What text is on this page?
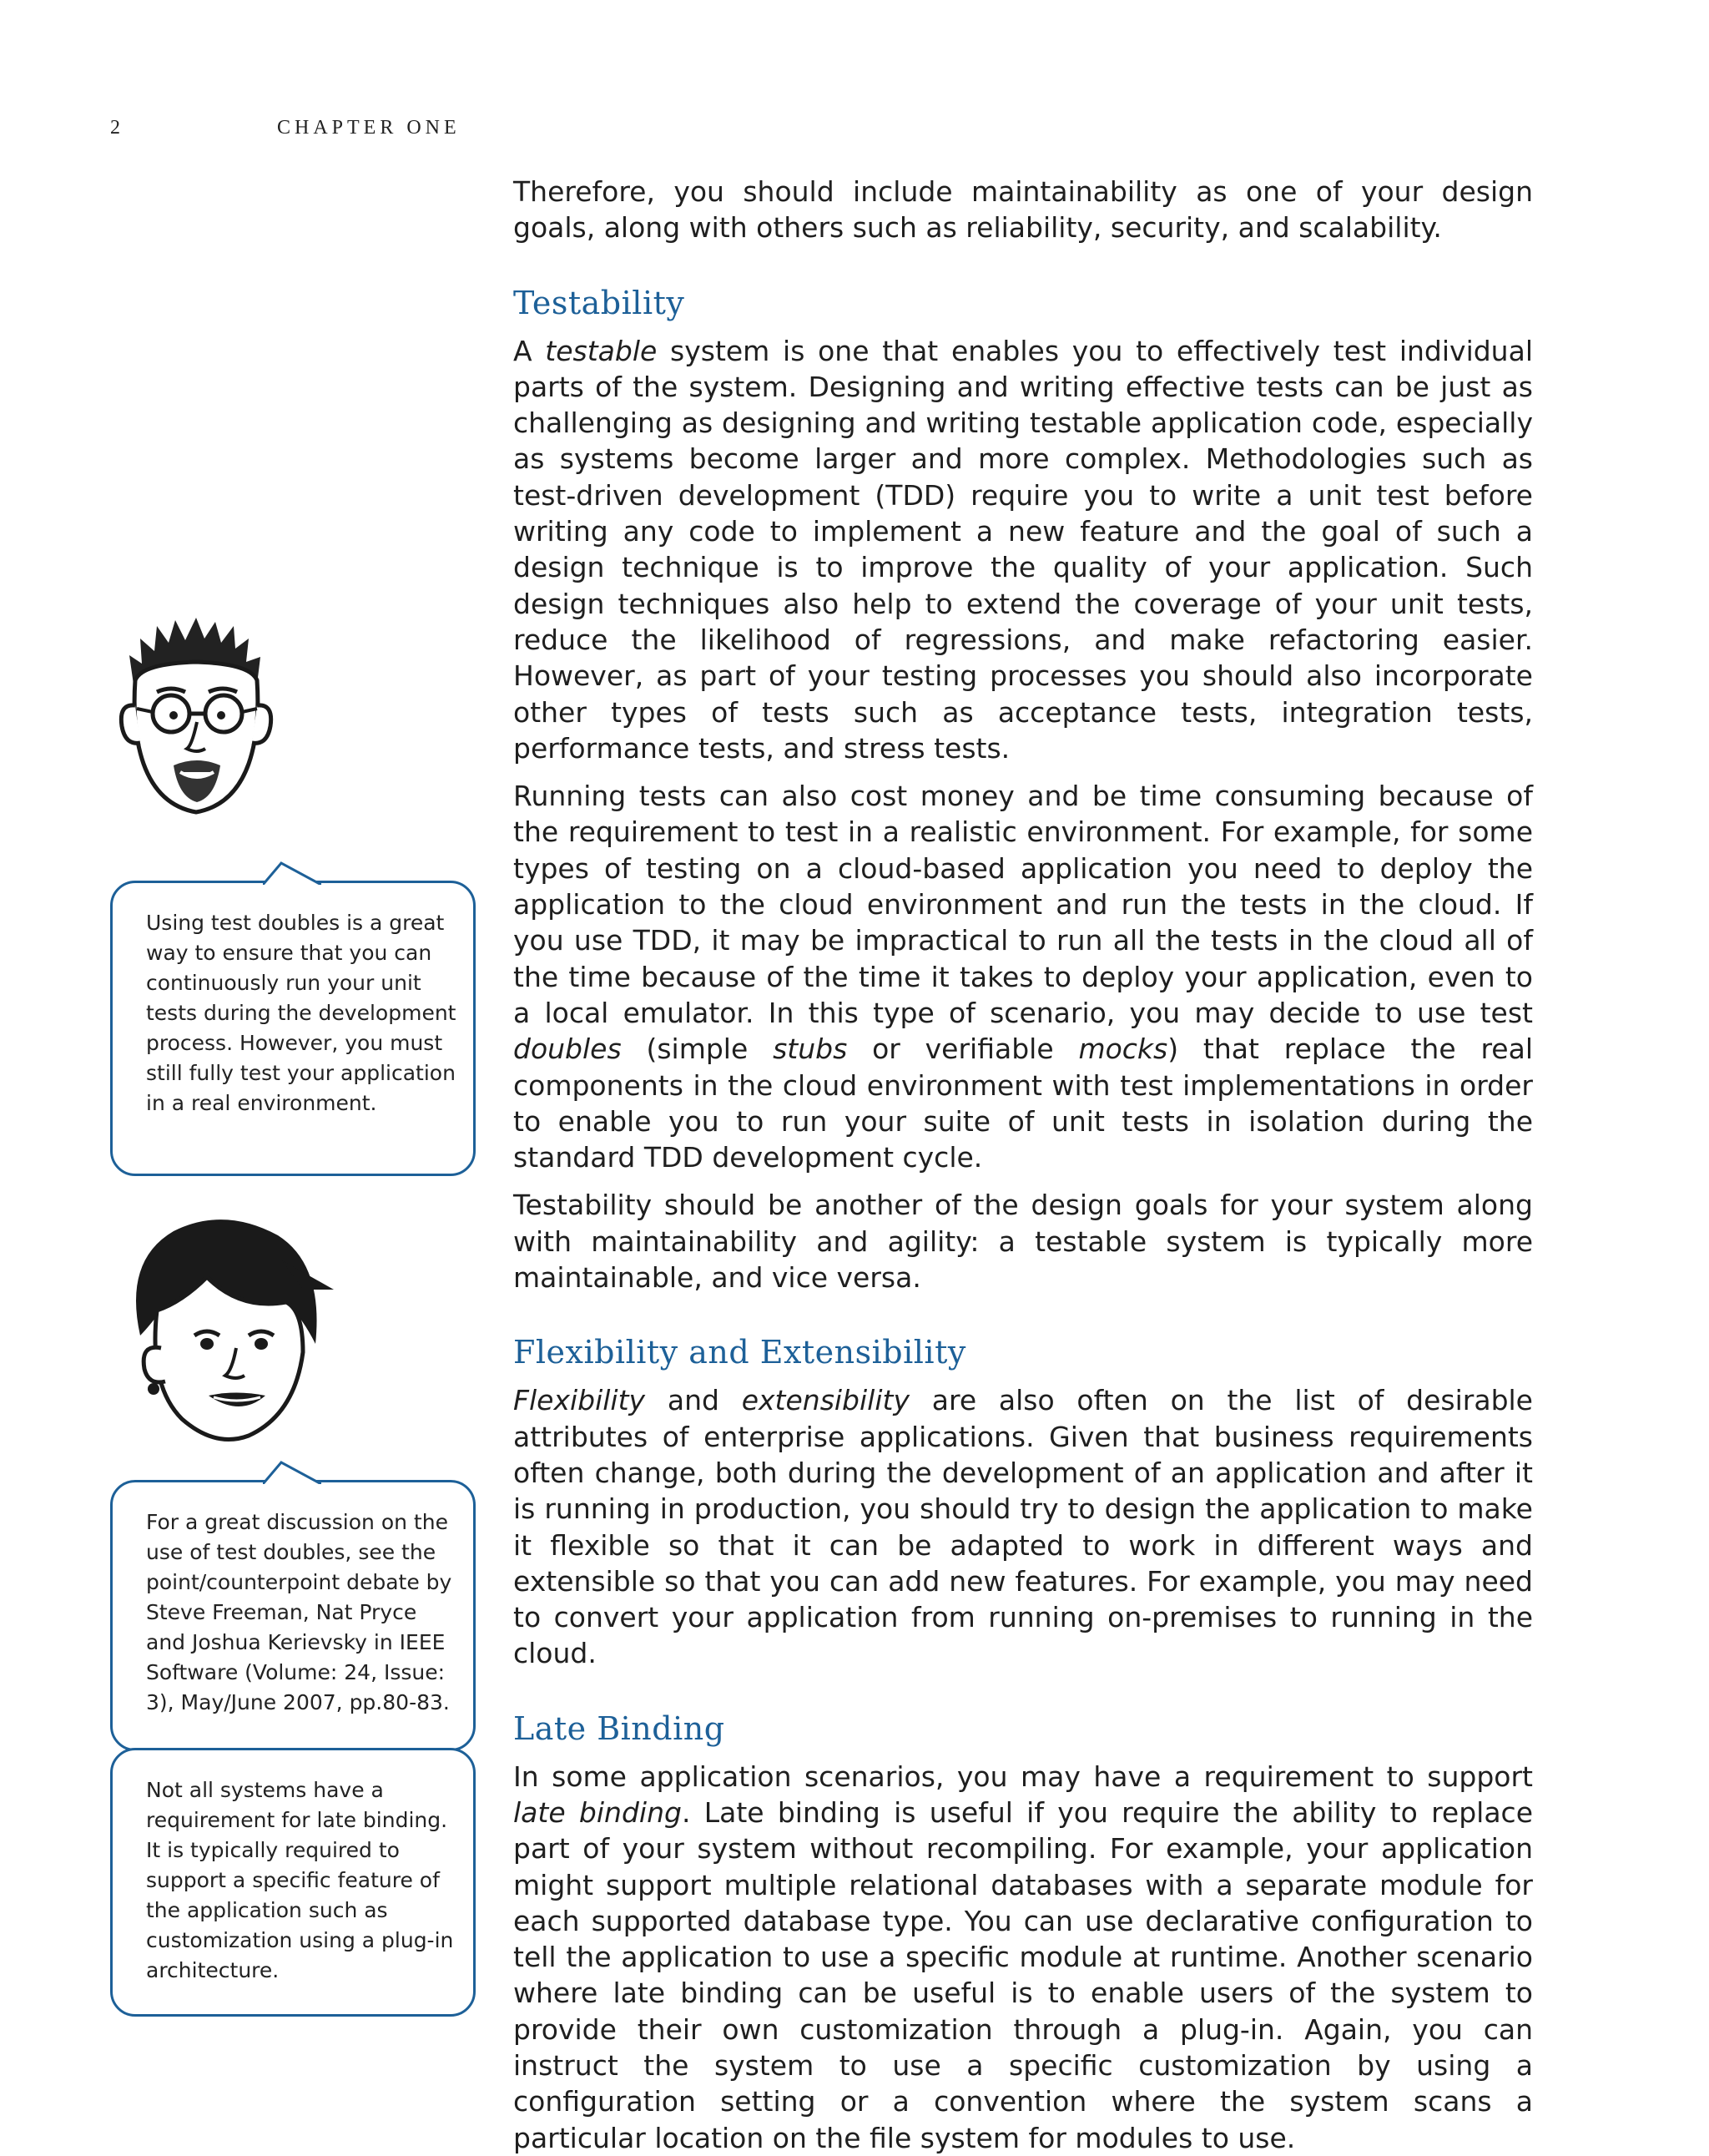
2	CHAPTER ONE

Therefore, you should include maintainability as one of your design goals, along with others such as reliability, security, and scalability.

Testability

A testable system is one that enables you to effectively test individual parts of the system. Designing and writing effective tests can be just as challenging as designing and writing testable application code, especially as systems become larger and more complex. Methodologies such as test-driven development (TDD) require you to write a unit test before writing any code to implement a new feature and the goal of such a design technique is to improve the quality of your application. Such design techniques also help to extend the coverage of your unit tests, reduce the likelihood of regressions, and make refactoring easier. However, as part of your testing processes you should also incorporate other types of tests such as acceptance tests, integration tests, performance tests, and stress tests.

Running tests can also cost money and be time consuming because of the requirement to test in a realistic environment. For example, for some types of testing on a cloud-based application you need to deploy the application to the cloud environment and run the tests in the cloud. If you use TDD, it may be impractical to run all the tests in the cloud all of the time because of the time it takes to deploy your application, even to a local emulator. In this type of scenario, you may decide to use test doubles (simple stubs or verifiable mocks) that replace the real components in the cloud environment with test implementations in order to enable you to run your suite of unit tests in isolation during the standard TDD development cycle.

Testability should be another of the design goals for your system along with maintainability and agility: a testable system is typically more maintainable, and vice versa.

Flexibility and Extensibility

Flexibility and extensibility are also often on the list of desirable attributes of enterprise applications. Given that business requirements often change, both during the development of an application and after it is running in production, you should try to design the application to make it flexible so that it can be adapted to work in different ways and extensible so that you can add new features. For example, you may need to convert your application from running on-premises to running in the cloud.

Late Binding

In some application scenarios, you may have a requirement to support late binding. Late binding is useful if you require the ability to replace part of your system without recompiling. For example, your application might support multiple relational databases with a separate module for each supported database type. You can use declarative configuration to tell the application to use a specific module at runtime. Another scenario where late binding can be useful is to enable users of the system to provide their own customization through a plug-in. Again, you can instruct the system to use a specific customization by using a configuration setting or a convention where the system scans a particular location on the file system for modules to use.

Using test doubles is a great way to ensure that you can continuously run your unit tests during the development process. However, you must still fully test your application in a real environment.
For a great discussion on the use of test doubles, see the point/counterpoint debate by Steve Freeman, Nat Pryce and Joshua Kerievsky in IEEE Software (Volume: 24, Issue: 3), May/June 2007, pp.80-83.
Not all systems have a requirement for late binding. It is typically required to support a specific feature of the application such as customization using a plug-in architecture.
